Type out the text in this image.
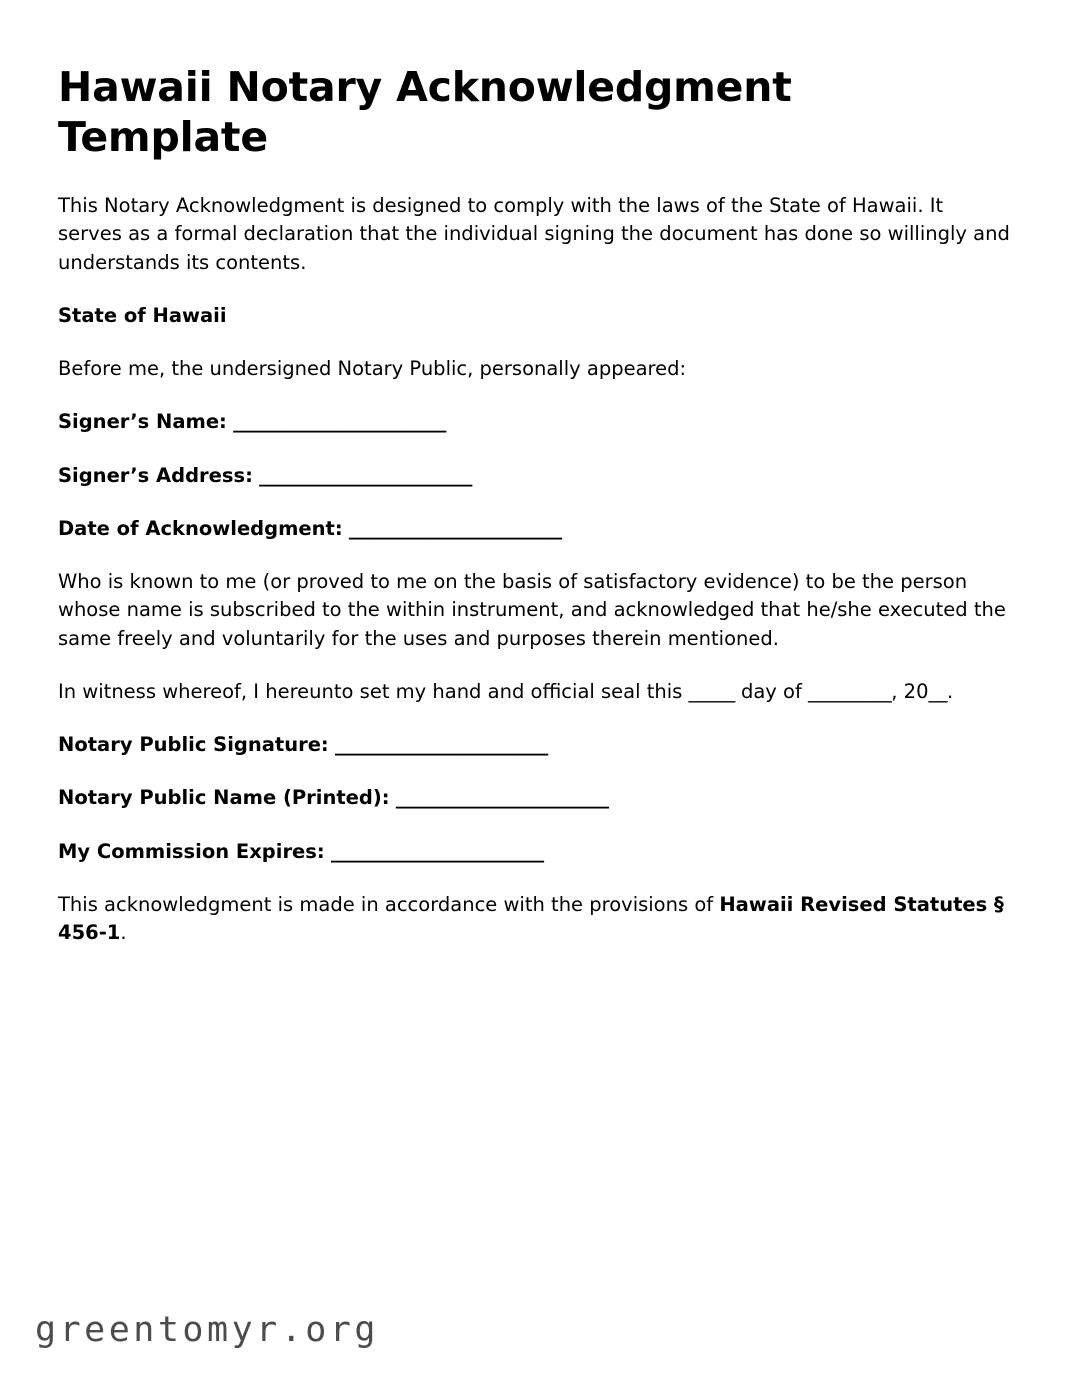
Hawaii Notary Acknowledgment Template

This Notary Acknowledgment is designed to comply with the laws of the State of Hawaii. It serves as a formal declaration that the individual signing the document has done so willingly and understands its contents.

State of Hawaii

Before me, the undersigned Notary Public, personally appeared:

Signer’s Name: _______________________

Signer’s Address: _______________________

Date of Acknowledgment: _______________________

Who is known to me (or proved to me on the basis of satisfactory evidence) to be the person whose name is subscribed to the within instrument, and acknowledged that he/she executed the same freely and voluntarily for the uses and purposes therein mentioned.

In witness whereof, I hereunto set my hand and official seal this _____ day of _________, 20__.

Notary Public Signature: _______________________

Notary Public Name (Printed): _______________________

My Commission Expires: _______________________

This acknowledgment is made in accordance with the provisions of Hawaii Revised Statutes § 456-1.

greentomyr.org
